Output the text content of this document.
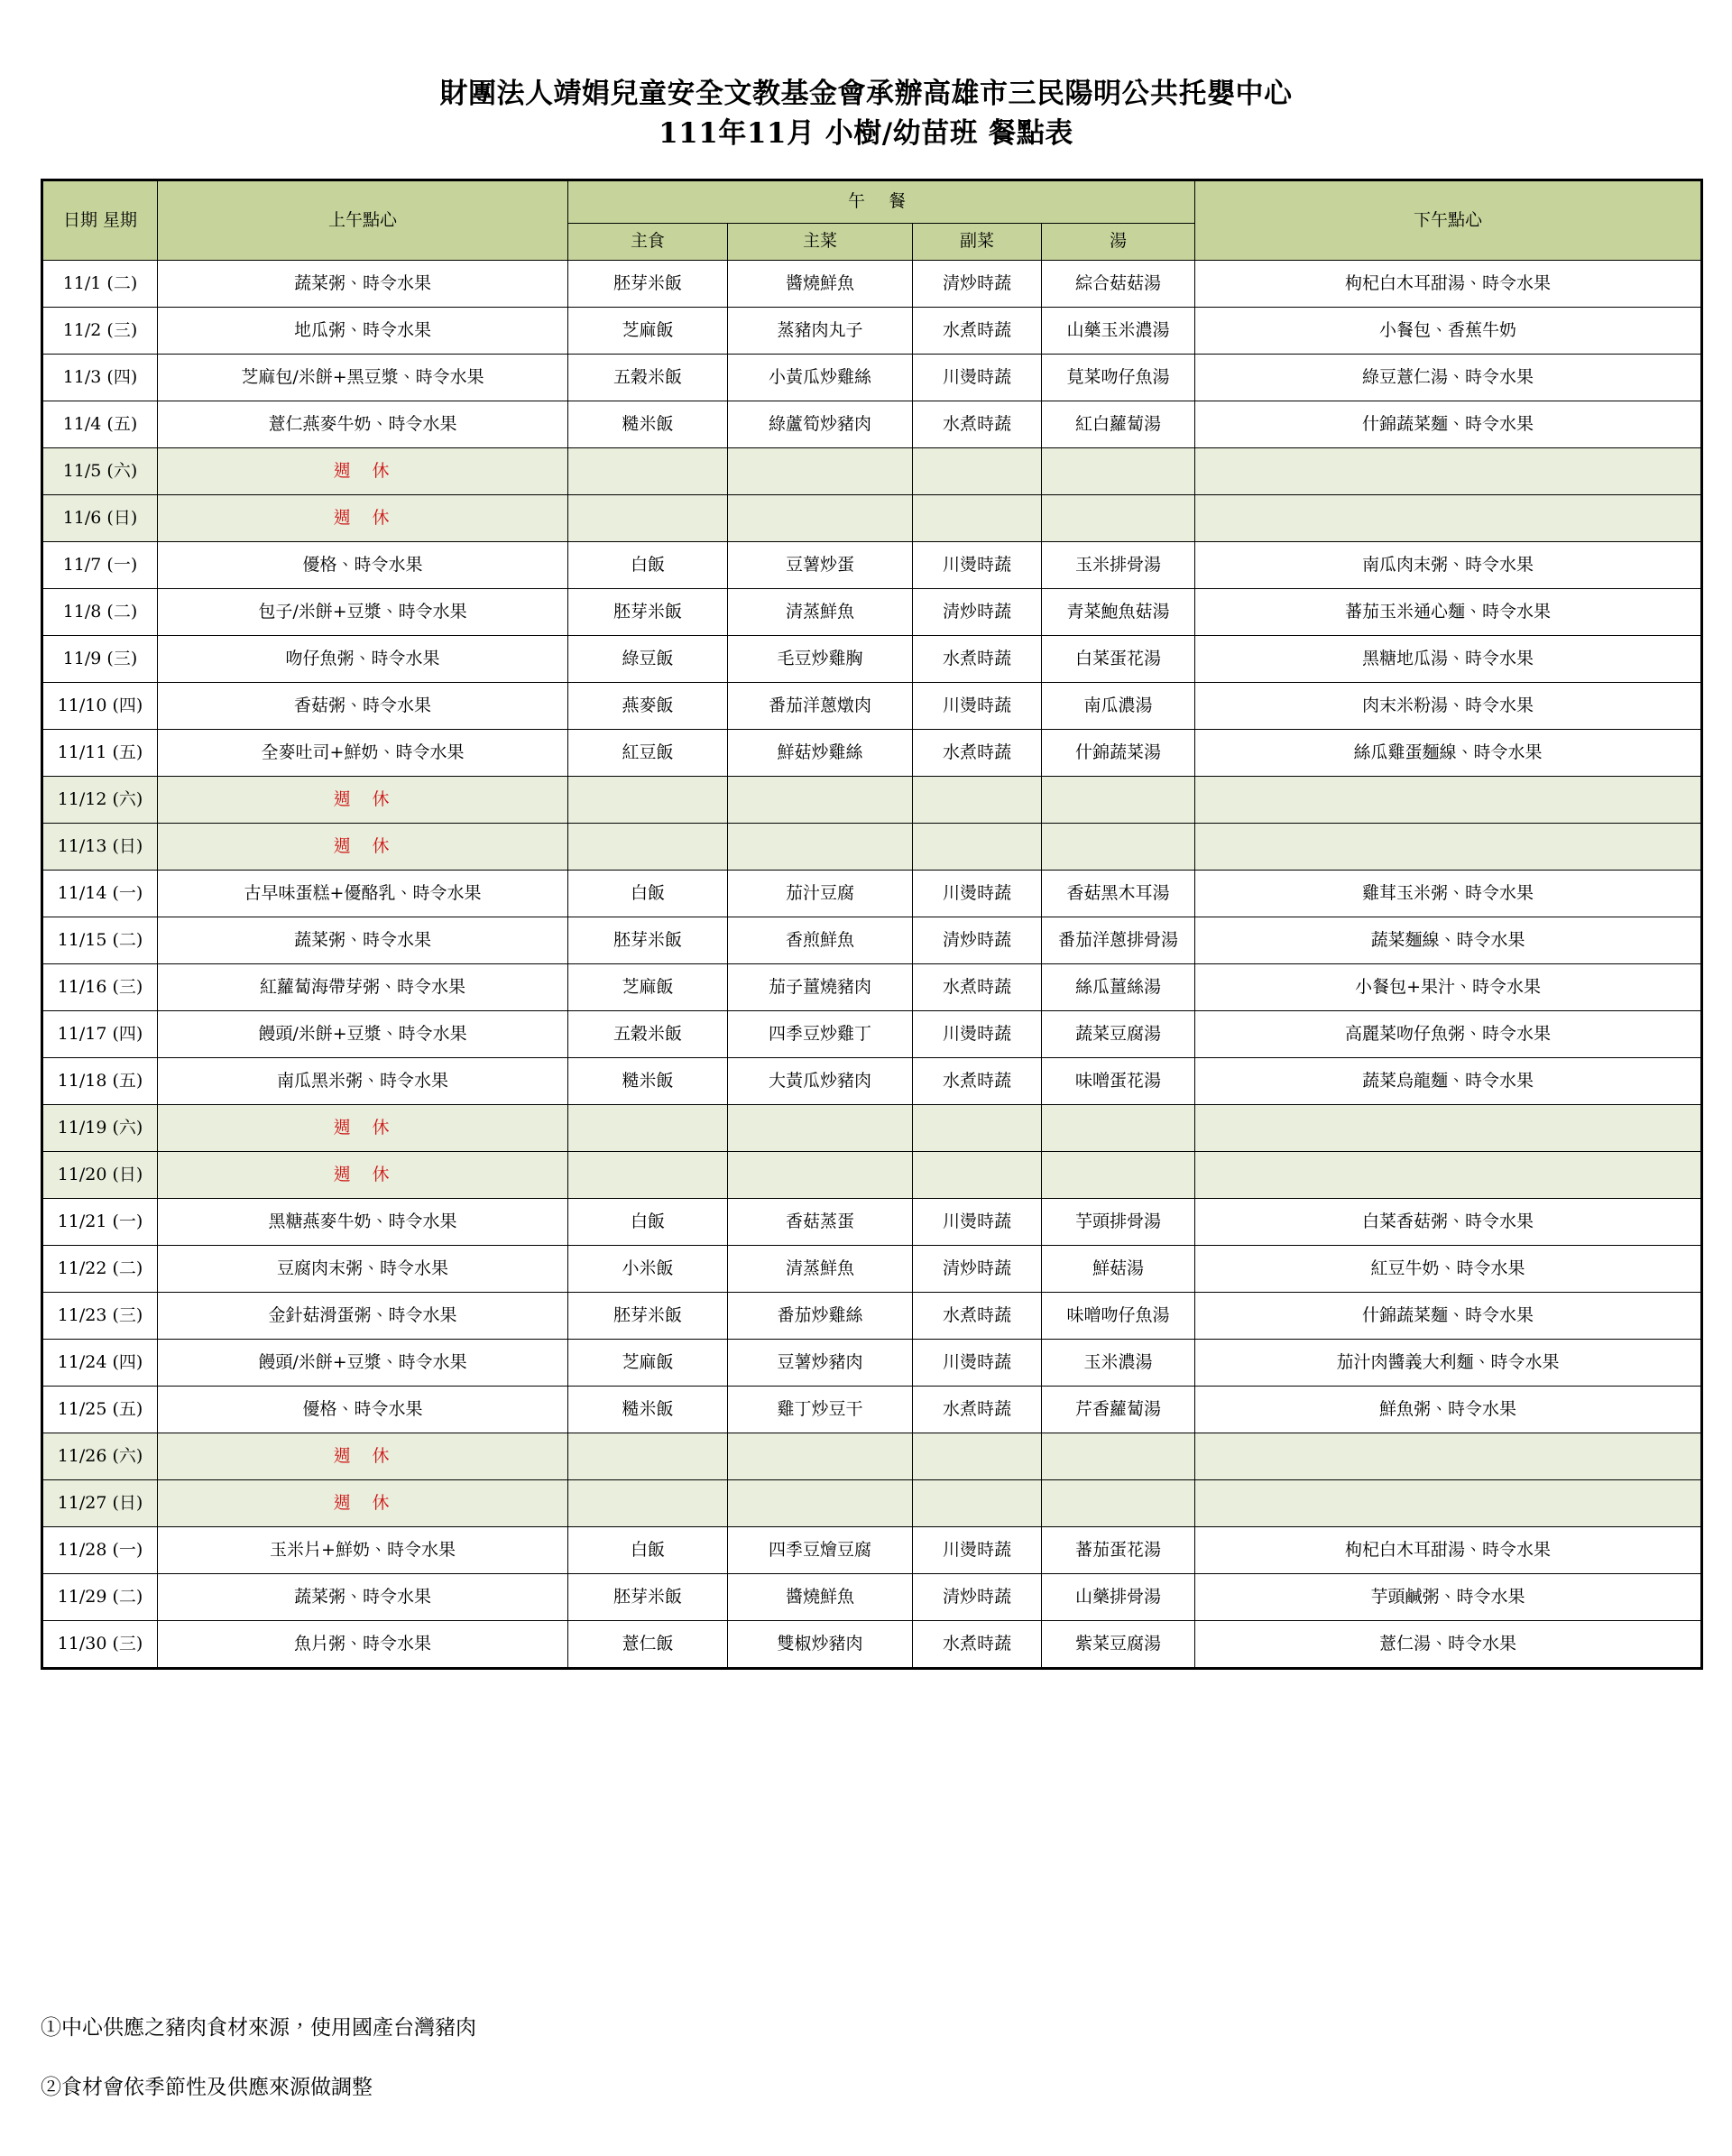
財團法人靖娟兒童安全文教基金會承辦高雄市三民陽明公共托嬰中心
111年11月 小樹/幼苗班 餐點表
日期 星期	上午點心	午 餐				下午點心
		主食	主菜	副菜	湯	
11/1 (二)	蔬菜粥、時令水果	胚芽米飯	醬燒鮮魚	清炒時蔬	綜合菇菇湯	枸杞白木耳甜湯、時令水果
11/2 (三)	地瓜粥、時令水果	芝麻飯	蒸豬肉丸子	水煮時蔬	山藥玉米濃湯	小餐包、香蕉牛奶
11/3 (四)	芝麻包/米餅+黑豆漿、時令水果	五穀米飯	小黃瓜炒雞絲	川燙時蔬	莧菜吻仔魚湯	綠豆薏仁湯、時令水果
11/4 (五)	薏仁燕麥牛奶、時令水果	糙米飯	綠蘆筍炒豬肉	水煮時蔬	紅白蘿蔔湯	什錦蔬菜麵、時令水果
11/5 (六)	週 休					
11/6 (日)	週 休					
11/7 (一)	優格、時令水果	白飯	豆薯炒蛋	川燙時蔬	玉米排骨湯	南瓜肉末粥、時令水果
11/8 (二)	包子/米餅+豆漿、時令水果	胚芽米飯	清蒸鮮魚	清炒時蔬	青菜鮑魚菇湯	蕃茄玉米通心麵、時令水果
11/9 (三)	吻仔魚粥、時令水果	綠豆飯	毛豆炒雞胸	水煮時蔬	白菜蛋花湯	黑糖地瓜湯、時令水果
11/10 (四)	香菇粥、時令水果	燕麥飯	番茄洋蔥燉肉	川燙時蔬	南瓜濃湯	肉末米粉湯、時令水果
11/11 (五)	全麥吐司+鮮奶、時令水果	紅豆飯	鮮菇炒雞絲	水煮時蔬	什錦蔬菜湯	絲瓜雞蛋麵線、時令水果
11/12 (六)	週 休					
11/13 (日)	週 休					
11/14 (一)	古早味蛋糕+優酪乳、時令水果	白飯	茄汁豆腐	川燙時蔬	香菇黑木耳湯	雞茸玉米粥、時令水果
11/15 (二)	蔬菜粥、時令水果	胚芽米飯	香煎鮮魚	清炒時蔬	番茄洋蔥排骨湯	蔬菜麵線、時令水果
11/16 (三)	紅蘿蔔海帶芽粥、時令水果	芝麻飯	茄子薑燒豬肉	水煮時蔬	絲瓜薑絲湯	小餐包+果汁、時令水果
11/17 (四)	饅頭/米餅+豆漿、時令水果	五穀米飯	四季豆炒雞丁	川燙時蔬	蔬菜豆腐湯	高麗菜吻仔魚粥、時令水果
11/18 (五)	南瓜黑米粥、時令水果	糙米飯	大黃瓜炒豬肉	水煮時蔬	味噌蛋花湯	蔬菜烏龍麵、時令水果
11/19 (六)	週 休					
11/20 (日)	週 休					
11/21 (一)	黑糖燕麥牛奶、時令水果	白飯	香菇蒸蛋	川燙時蔬	芋頭排骨湯	白菜香菇粥、時令水果
11/22 (二)	豆腐肉末粥、時令水果	小米飯	清蒸鮮魚	清炒時蔬	鮮菇湯	紅豆牛奶、時令水果
11/23 (三)	金針菇滑蛋粥、時令水果	胚芽米飯	番茄炒雞絲	水煮時蔬	味噌吻仔魚湯	什錦蔬菜麵、時令水果
11/24 (四)	饅頭/米餅+豆漿、時令水果	芝麻飯	豆薯炒豬肉	川燙時蔬	玉米濃湯	茄汁肉醬義大利麵、時令水果
11/25 (五)	優格、時令水果	糙米飯	雞丁炒豆干	水煮時蔬	芹香蘿蔔湯	鮮魚粥、時令水果
11/26 (六)	週 休					
11/27 (日)	週 休					
11/28 (一)	玉米片+鮮奶、時令水果	白飯	四季豆燴豆腐	川燙時蔬	蕃茄蛋花湯	枸杞白木耳甜湯、時令水果
11/29 (二)	蔬菜粥、時令水果	胚芽米飯	醬燒鮮魚	清炒時蔬	山藥排骨湯	芋頭鹹粥、時令水果
11/30 (三)	魚片粥、時令水果	薏仁飯	雙椒炒豬肉	水煮時蔬	紫菜豆腐湯	薏仁湯、時令水果
①中心供應之豬肉食材來源，使用國產台灣豬肉
②食材會依季節性及供應來源做調整
